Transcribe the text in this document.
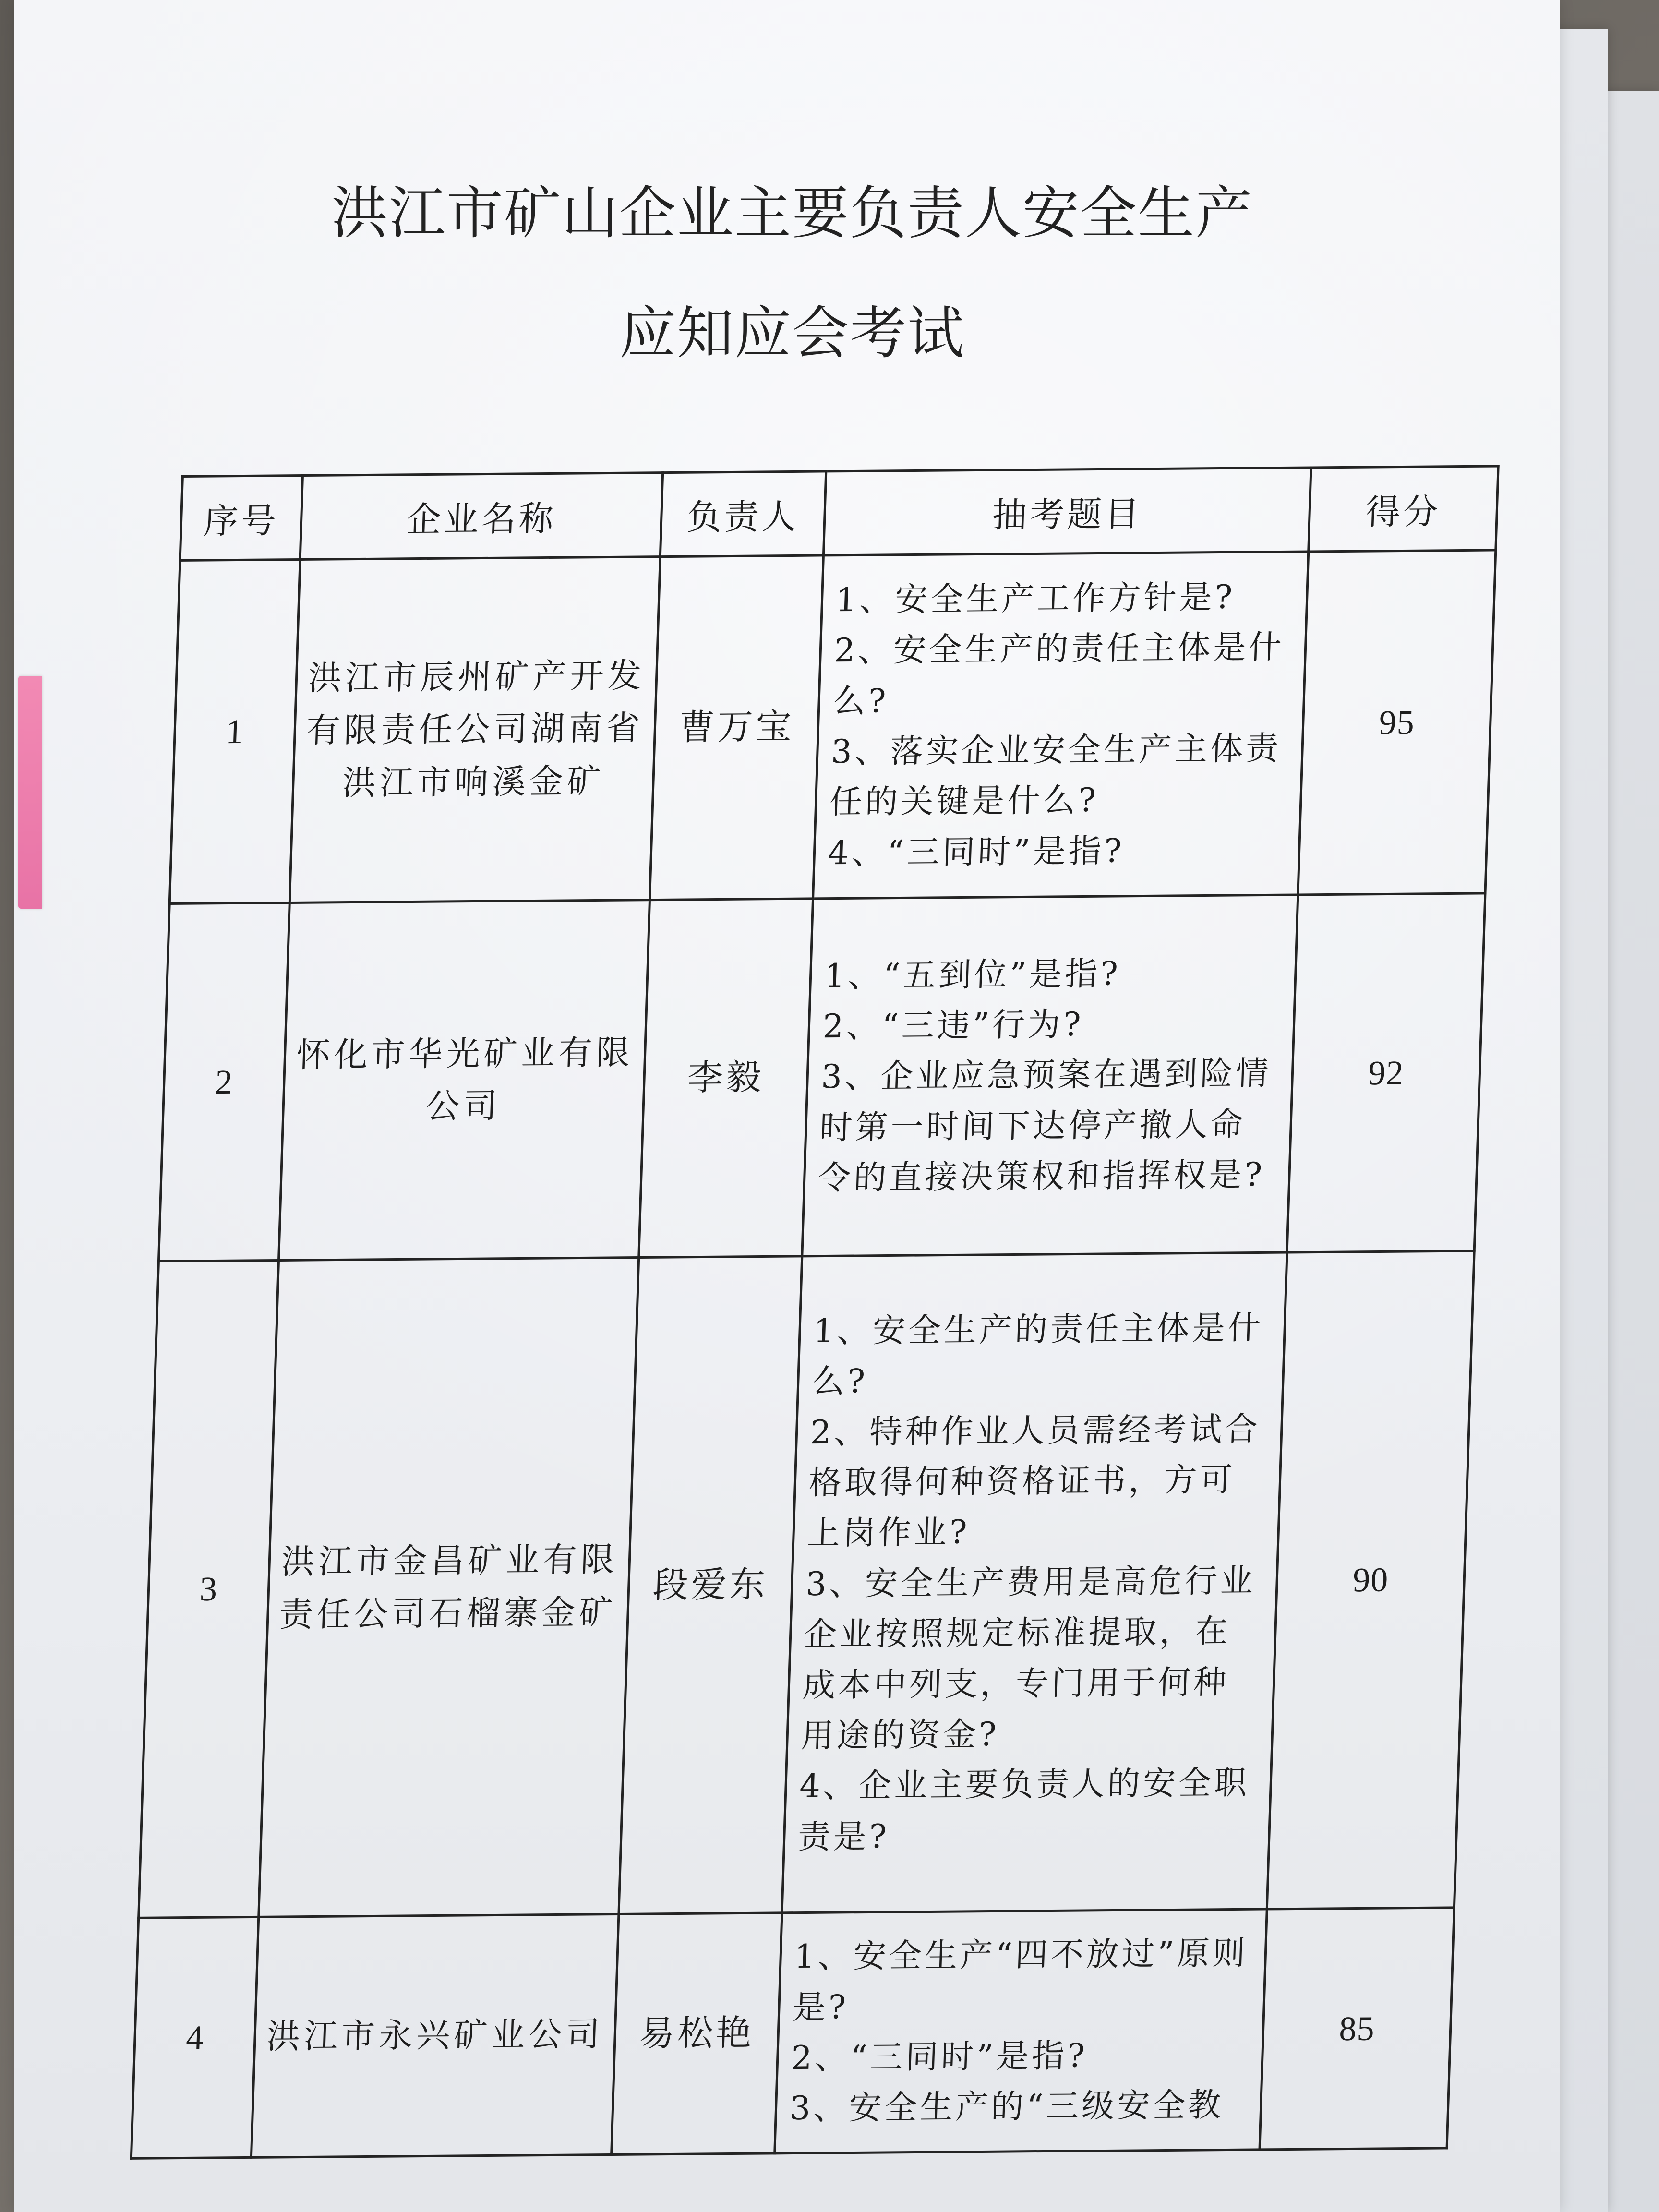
洪江市矿山企业主要负责人安全生产
应知应会考试
序号	企业名称	负责人	抽考题目	得分
1	洪江市辰州矿产开发有限责任公司湖南省洪江市响溪金矿	曹万宝	1、安全生产工作方针是?
2、安全生产的责任主体是什么?
3、落实企业安全生产主体责任的关键是什么?
4、“三同时”是指?	95
2	怀化市华光矿业有限公司	李毅	1、“五到位”是指?
2、“三违”行为?
3、企业应急预案在遇到险情时第一时间下达停产撤人命令的直接决策权和指挥权是?	92
3	洪江市金昌矿业有限责任公司石榴寨金矿	段爱东	1、安全生产的责任主体是什么?
2、特种作业人员需经考试合格取得何种资格证书，方可上岗作业?
3、安全生产费用是高危行业企业按照规定标准提取，在成本中列支，专门用于何种用途的资金?
4、企业主要负责人的安全职责是?	90
4	洪江市永兴矿业公司	易松艳	1、安全生产“四不放过”原则是?
2、“三同时”是指?
3、安全生产的“三级安全教	85
